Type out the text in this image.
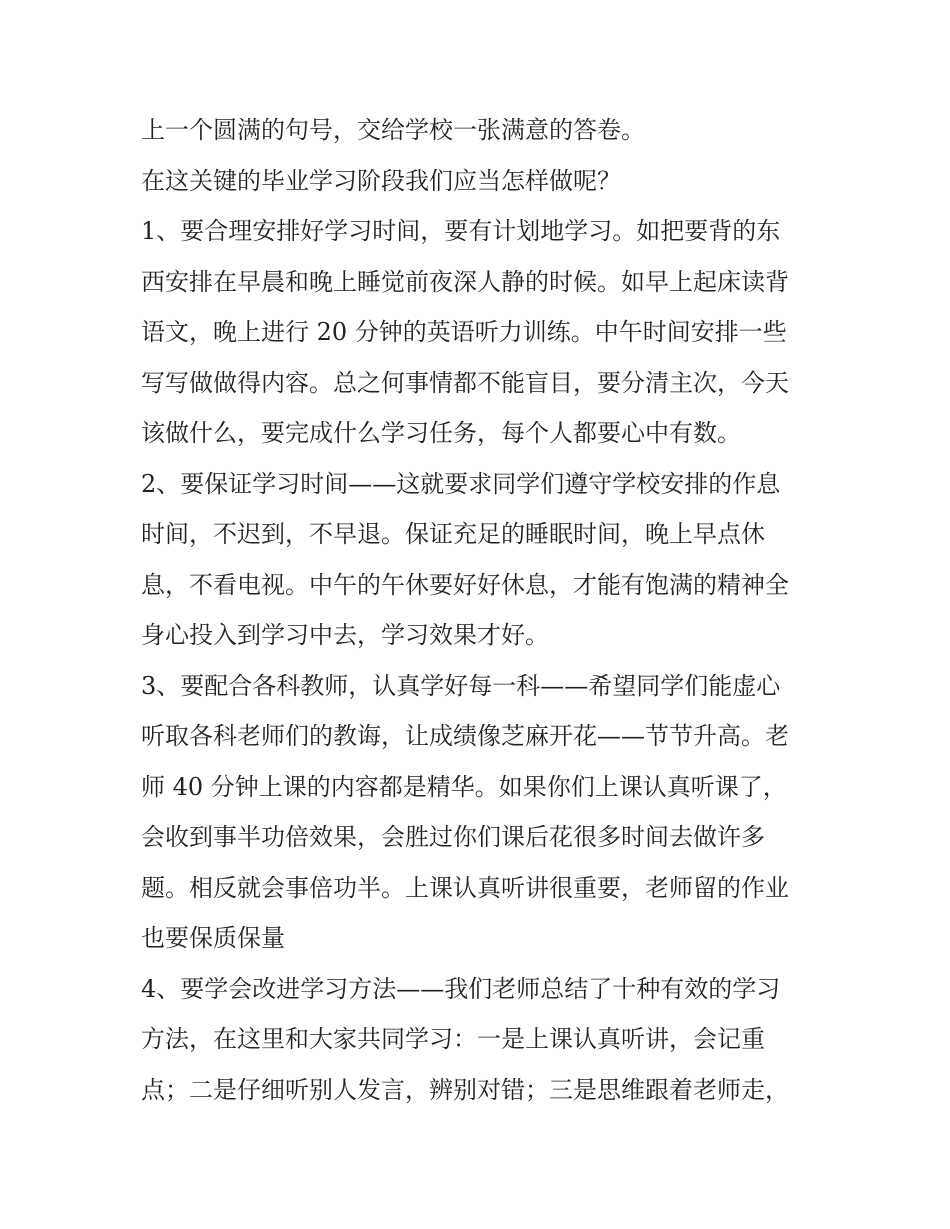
上一个圆满的句号，交给学校一张满意的答卷。
在这关键的毕业学习阶段我们应当怎样做呢？
1、要合理安排好学习时间，要有计划地学习。如把要背的东
西安排在早晨和晚上睡觉前夜深人静的时候。如早上起床读背
语文，晚上进行 20 分钟的英语听力训练。中午时间安排一些
写写做做得内容。总之何事情都不能盲目，要分清主次，今天
该做什么，要完成什么学习任务，每个人都要心中有数。
2、要保证学习时间——这就要求同学们遵守学校安排的作息
时间，不迟到，不早退。保证充足的睡眠时间，晚上早点休
息，不看电视。中午的午休要好好休息，才能有饱满的精神全
身心投入到学习中去，学习效果才好。
3、要配合各科教师，认真学好每一科——希望同学们能虚心
听取各科老师们的教诲，让成绩像芝麻开花——节节升高。老
师 40 分钟上课的内容都是精华。如果你们上课认真听课了，
会收到事半功倍效果，会胜过你们课后花很多时间去做许多
题。相反就会事倍功半。上课认真听讲很重要，老师留的作业
也要保质保量
4、要学会改进学习方法——我们老师总结了十种有效的学习
方法，在这里和大家共同学习：一是上课认真听讲，会记重
点；二是仔细听别人发言，辨别对错；三是思维跟着老师走，
